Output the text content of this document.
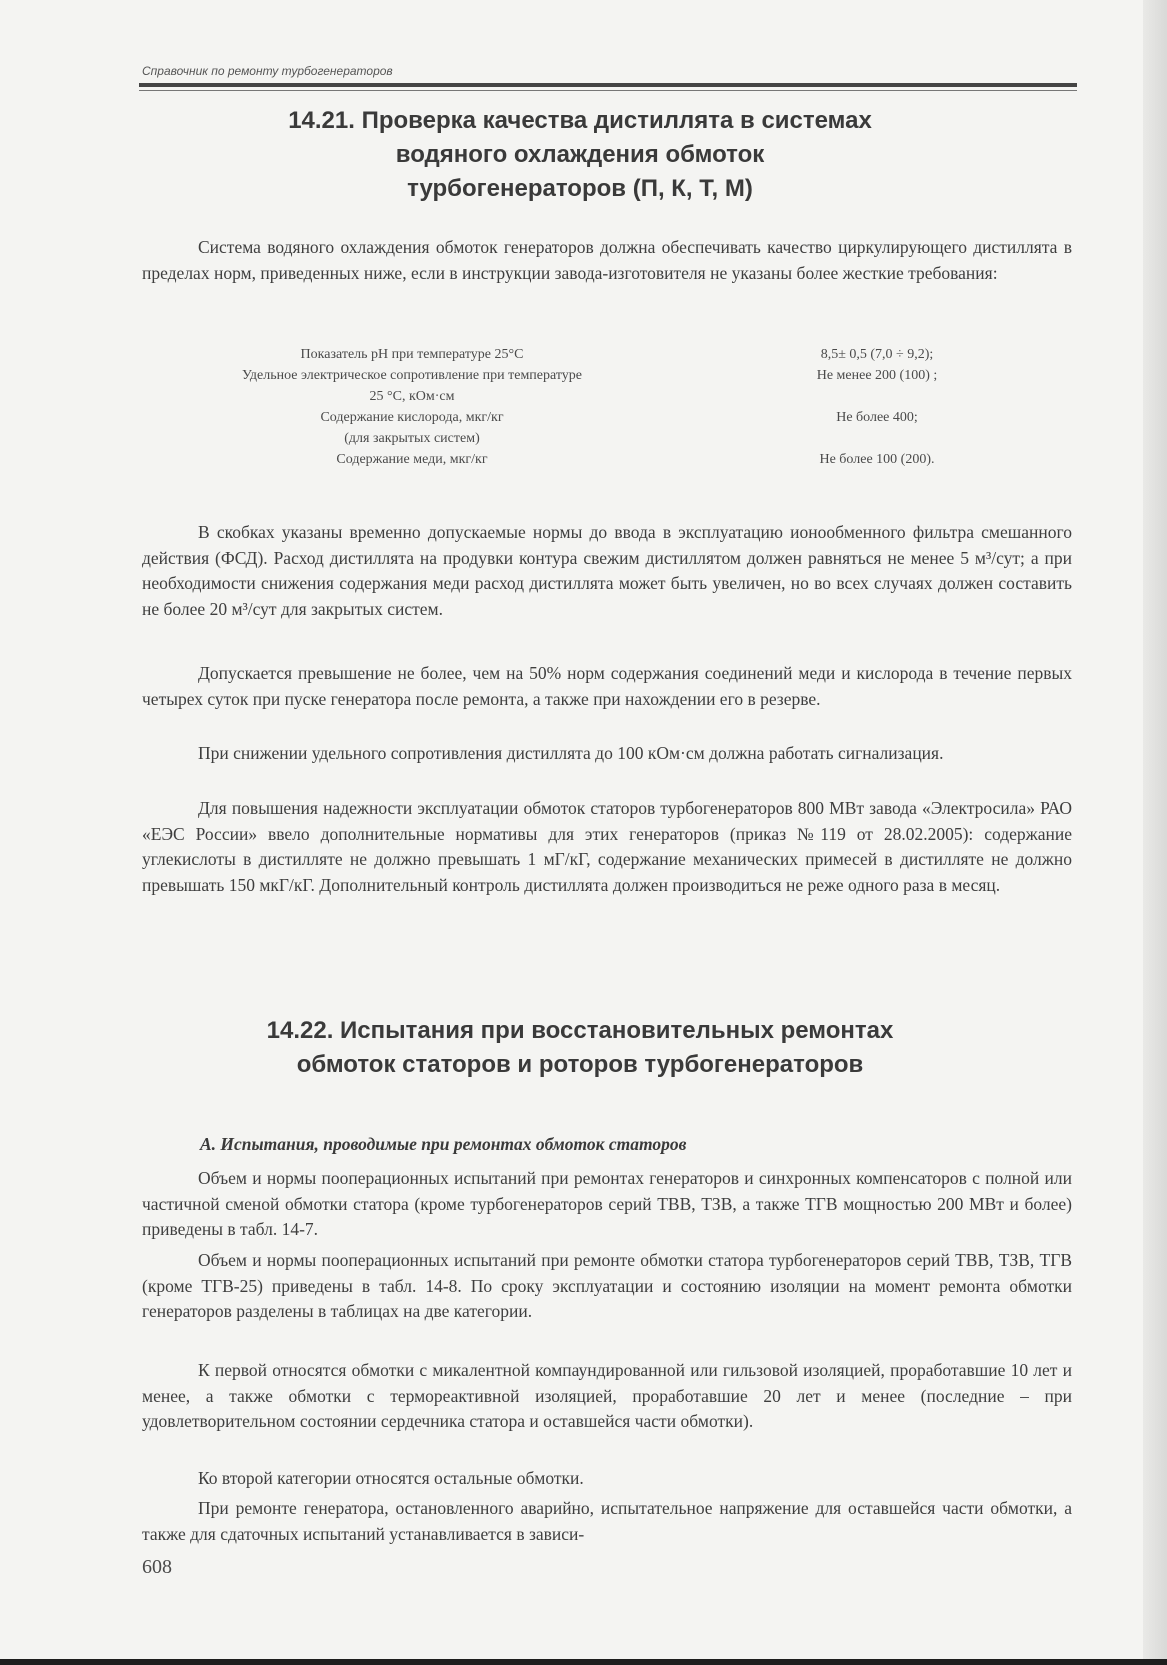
Справочник по ремонту турбогенераторов
14.21. Проверка качества дистиллята в системах
водяного охлаждения обмоток
турбогенераторов (П, К, Т, М)

Система водяного охлаждения обмоток генераторов должна обеспечивать качество циркулирующего дистиллята в пределах норм, приведенных ниже, если в инструкции завода-изготовителя не указаны более жесткие требования:

Показатель pH при температуре 25°C	8,5± 0,5 (7,0 ÷ 9,2);
Удельное электрическое сопротивление при температуре
25 °C, кОм·см
Не менее 200 (100) ;
Содержание кислорода, мкг/кг
(для закрытых систем)
Не более 400;
Содержание меди, мкг/кг	Не более 100 (200).

В скобках указаны временно допускаемые нормы до ввода в эксплуатацию ионообменного фильтра смешанного действия (ФСД). Расход дистиллята на продувки контура свежим дистиллятом должен равняться не менее 5 м³/сут; а при необходимости снижения содержания меди расход дистиллята может быть увеличен, но во всех случаях должен составить не более 20 м³/сут для закрытых систем.

Допускается превышение не более, чем на 50% норм содержания соединений меди и кислорода в течение первых четырех суток при пуске генератора после ремонта, а также при нахождении его в резерве.

При снижении удельного сопротивления дистиллята до 100 кОм·см должна работать сигнализация.

Для повышения надежности эксплуатации обмоток статоров турбогенераторов 800 МВт завода «Электросила» РАО «ЕЭС России» ввело дополнительные нормативы для этих генераторов (приказ №119 от 28.02.2005): содержание углекислоты в дистилляте не должно превышать 1 мГ/кГ, содержание механических примесей в дистилляте не должно превышать 150 мкГ/кГ. Дополнительный контроль дистиллята должен производиться не реже одного раза в месяц.

14.22. Испытания при восстановительных ремонтах
обмоток статоров и роторов турбогенераторов
А. Испытания, проводимые при ремонтах обмоток статоров

Объем и нормы пооперационных испытаний при ремонтах генераторов и синхронных компенсаторов с полной или частичной сменой обмотки статора (кроме турбогенераторов серий ТВВ, ТЗВ, а также ТГВ мощностью 200 МВт и более) приведены в табл. 14-7.

Объем и нормы пооперационных испытаний при ремонте обмотки статора турбогенераторов серий ТВВ, ТЗВ, ТГВ (кроме ТГВ-25) приведены в табл. 14-8. По сроку эксплуатации и состоянию изоляции на момент ремонта обмотки генераторов разделены в таблицах на две категории.

К первой относятся обмотки с микалентной компаундированной или гильзовой изоляцией, проработавшие 10 лет и менее, а также обмотки с термореактивной изоляцией, проработавшие 20 лет и менее (последние – при удовлетворительном состоянии сердечника статора и оставшейся части обмотки).

Ко второй категории относятся остальные обмотки.

При ремонте генератора, остановленного аварийно, испытательное напряжение для оставшейся части обмотки, а также для сдаточных испытаний устанавливается в зависи-

608
